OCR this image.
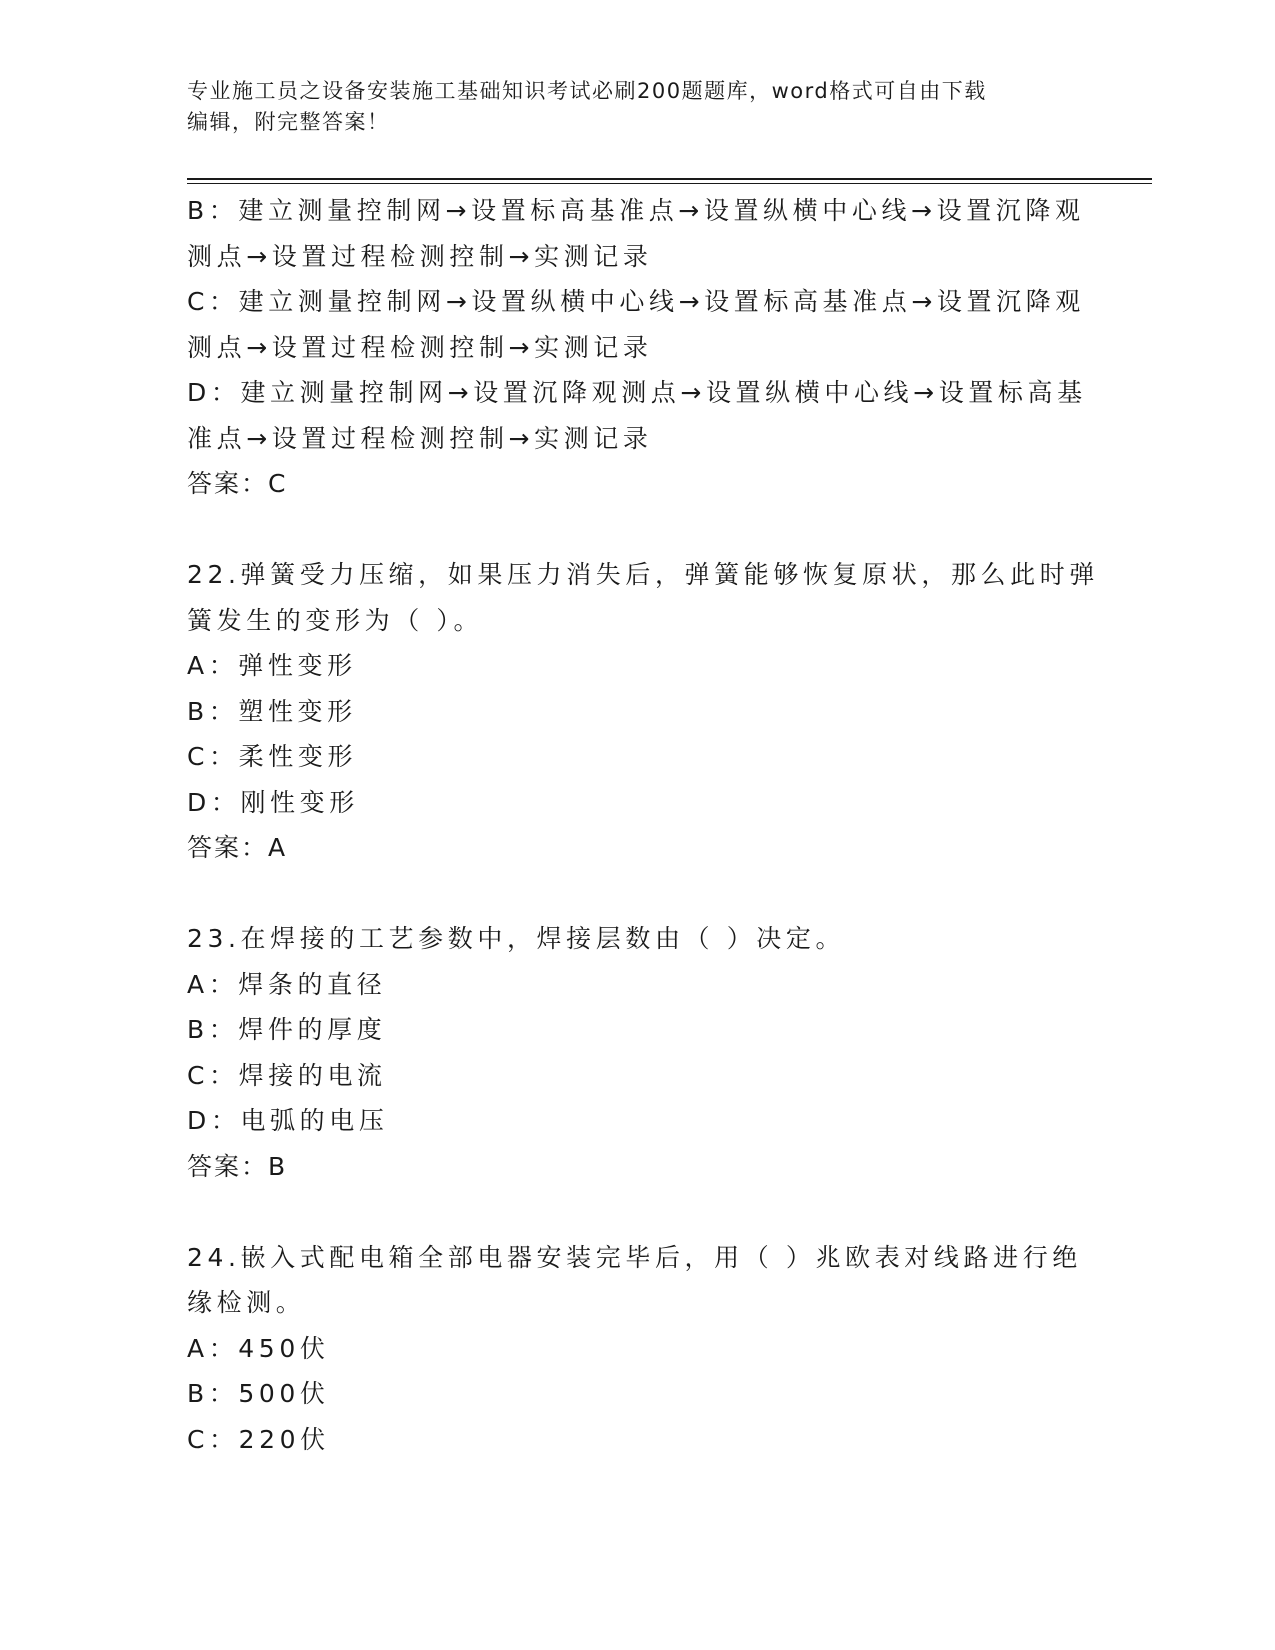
专业施工员之设备安装施工基础知识考试必刷200题题库，word格式可自由下载
编辑，附完整答案！
B：建立测量控制网→设置标高基准点→设置纵横中心线→设置沉降观
测点→设置过程检测控制→实测记录
C：建立测量控制网→设置纵横中心线→设置标高基准点→设置沉降观
测点→设置过程检测控制→实测记录
D：建立测量控制网→设置沉降观测点→设置纵横中心线→设置标高基
准点→设置过程检测控制→实测记录
答案：C
22.弹簧受力压缩，如果压力消失后，弹簧能够恢复原状，那么此时弹
簧发生的变形为（ ）。
A：弹性变形
B：塑性变形
C：柔性变形
D：刚性变形
答案：A
23.在焊接的工艺参数中，焊接层数由（ ）决定。
A：焊条的直径
B：焊件的厚度
C：焊接的电流
D：电弧的电压
答案：B
24.嵌入式配电箱全部电器安装完毕后，用（ ）兆欧表对线路进行绝
缘检测。
A：450伏
B：500伏
C：220伏
